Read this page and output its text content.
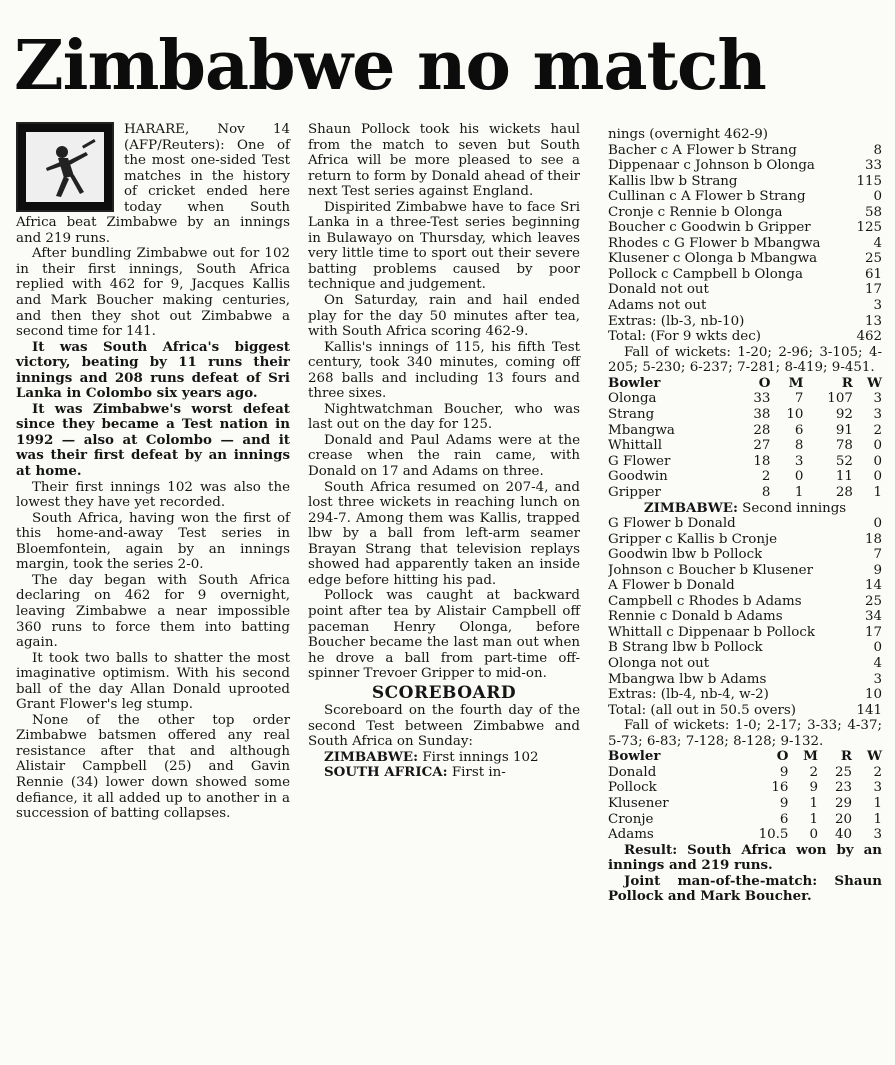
Zimbabwe no match

HARARE, Nov 14 (AFP/Reuters): One of the most one-sided Test matches in the history of cricket ended here today when South Africa beat Zimbabwe by an innings and 219 runs.

After bundling Zimbabwe out for 102 in their first innings, South Africa replied with 462 for 9, Jacques Kallis and Mark Boucher making centuries, and then they shot out Zimbabwe a second time for 141.

It was South Africa's biggest victory, beating by 11 runs their innings and 208 runs defeat of Sri Lanka in Colombo six years ago.

It was Zimbabwe's worst defeat since they became a Test nation in 1992 — also at Colombo — and it was their first defeat by an innings at home.

Their first innings 102 was also the lowest they have yet recorded.

South Africa, having won the first of this home-and-away Test series in Bloemfontein, again by an innings margin, took the series 2-0.

The day began with South Africa declaring on 462 for 9 overnight, leaving Zimbabwe a near impossible 360 runs to force them into batting again.

It took two balls to shatter the most imaginative optimism. With his second ball of the day Allan Donald uprooted Grant Flower's leg stump.

None of the other top order Zimbabwe batsmen offered any real resistance after that and although Alistair Campbell (25) and Gavin Rennie (34) lower down showed some defiance, it all added up to another in a succession of batting collapses.

Shaun Pollock took his wickets haul from the match to seven but South Africa will be more pleased to see a return to form by Donald ahead of their next Test series against England.

Dispirited Zimbabwe have to face Sri Lanka in a three-Test series beginning in Bulawayo on Thursday, which leaves very little time to sport out their severe batting problems caused by poor technique and judgement.

On Saturday, rain and hail ended play for the day 50 minutes after tea, with South Africa scoring 462-9.

Kallis's innings of 115, his fifth Test century, took 340 minutes, coming off 268 balls and including 13 fours and three sixes.

Nightwatchman Boucher, who was last out on the day for 125.

Donald and Paul Adams were at the crease when the rain came, with Donald on 17 and Adams on three.

South Africa resumed on 207-4, and lost three wickets in reaching lunch on 294-7. Among them was Kallis, trapped lbw by a ball from left-arm seamer Brayan Strang that television replays showed had apparently taken an inside edge before hitting his pad.

Pollock was caught at backward point after tea by Alistair Campbell off paceman Henry Olonga, before Boucher became the last man out when he drove a ball from part-time off-spinner Trevoer Gripper to mid-on.

SCOREBOARD

Scoreboard on the fourth day of the second Test between Zimbabwe and South Africa on Sunday:

ZIMBABWE: First innings 102

SOUTH AFRICA: First in-

nings (overnight 462-9)
Bacher c A Flower b Strang	8
Dippenaar c Johnson b Olonga	33
Kallis lbw b Strang	115
Cullinan c A Flower b Strang	0
Cronje c Rennie b Olonga	58
Boucher c Goodwin b Gripper	125
Rhodes c G Flower b Mbangwa	4
Klusener c Olonga b Mbangwa	25
Pollock c Campbell b Olonga	61
Donald not out	17
Adams not out	3
Extras: (lb-3, nb-10)	13
Total: (For 9 wkts dec)	462
Fall of wickets: 1-20; 2-96; 3-105; 4-205; 5-230; 6-237; 7-281; 8-419; 9-451.
Bowler	O	M	R	W
Olonga	33	7	107	3
Strang	38	10	92	3
Mbangwa	28	6	91	2
Whittall	27	8	78	0
G Flower	18	3	52	0
Goodwin	2	0	11	0
Gripper	8	1	28	1
ZIMBABWE: Second innings
G Flower b Donald	0
Gripper c Kallis b Cronje	18
Goodwin lbw b Pollock	7
Johnson c Boucher b Klusener	9
A Flower b Donald	14
Campbell c Rhodes b Adams	25
Rennie c Donald b Adams	34
Whittall c Dippenaar b Pollock	17
B Strang lbw b Pollock	0
Olonga not out	4
Mbangwa lbw b Adams	3
Extras: (lb-4, nb-4, w-2)	10
Total: (all out in 50.5 overs)	141
Fall of wickets: 1-0; 2-17; 3-33; 4-37; 5-73; 6-83; 7-128; 8-128; 9-132.
Bowler	O	M	R	W
Donald	9	2	25	2
Pollock	16	9	23	3
Klusener	9	1	29	1
Cronje	6	1	20	1
Adams	10.5	0	40	3
Result: South Africa won by an innings and 219 runs.
Joint man-of-the-match: Shaun Pollock and Mark Boucher.
